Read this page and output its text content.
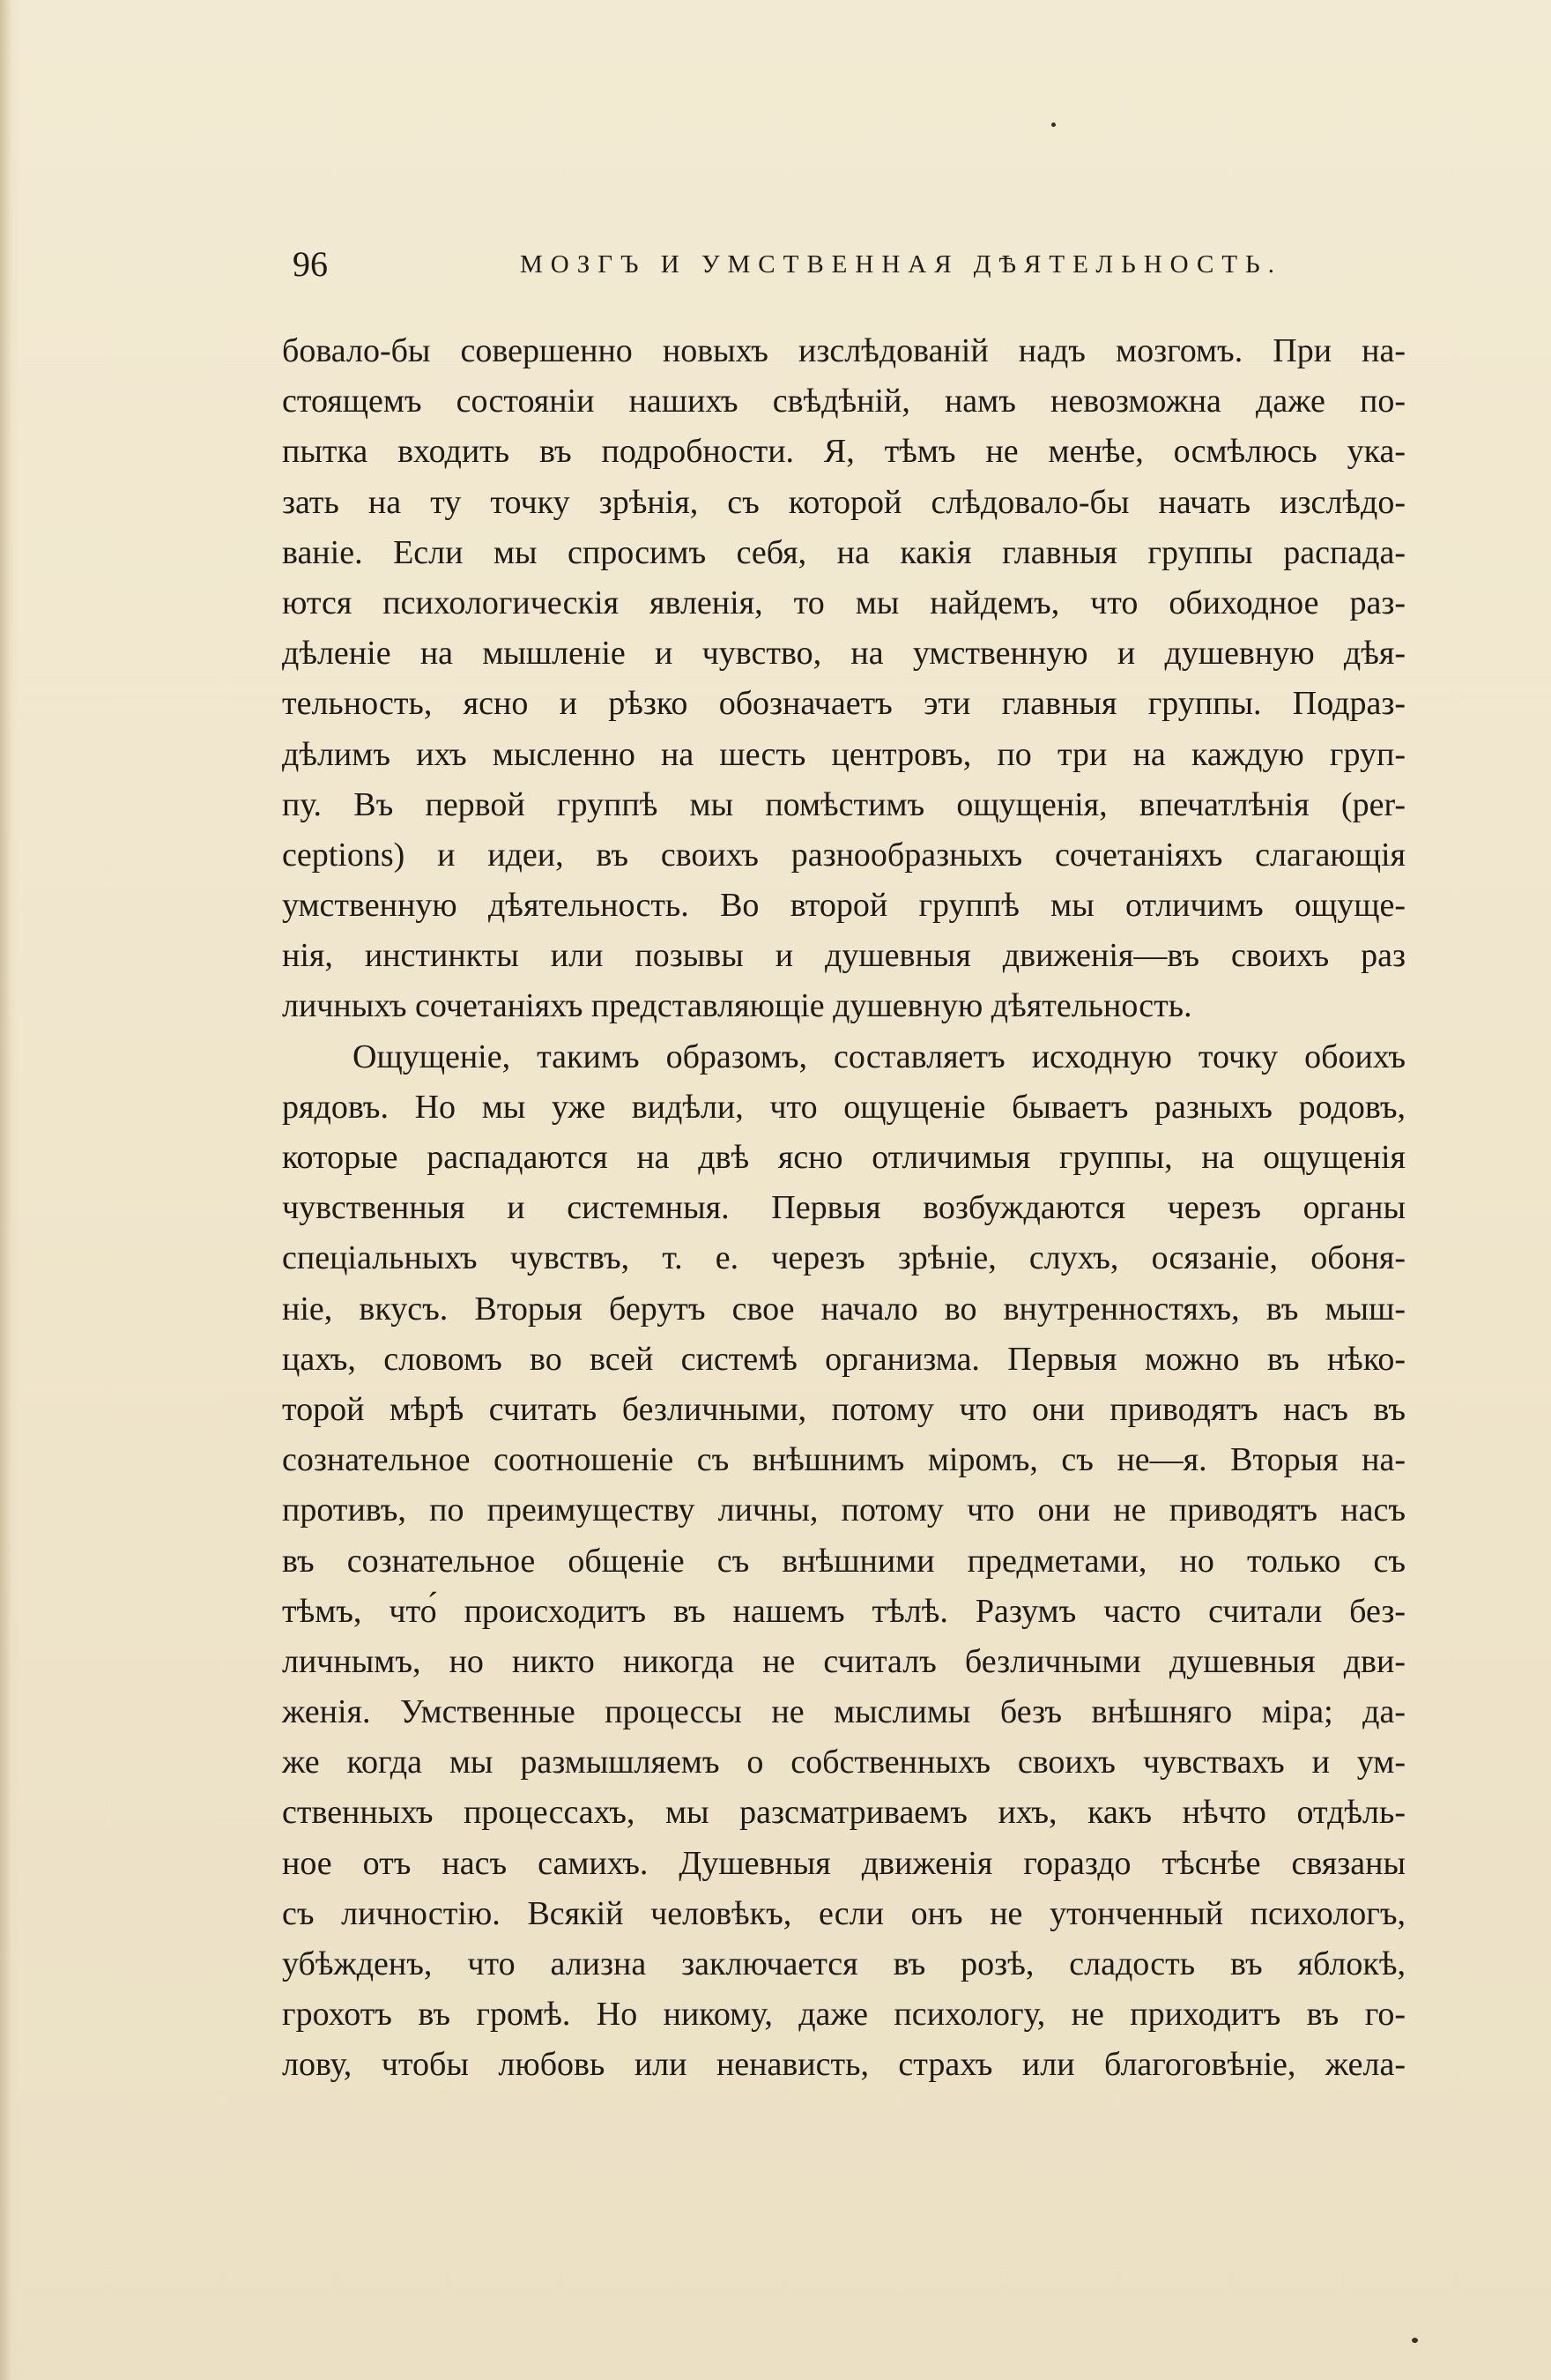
96	МОЗГЪ И УМСТВЕННАЯ ДѢЯТЕЛЬНОСТЬ.
бовало-бы совершенно новыхъ изслѣдованій надъ мозгомъ. При на-
стоящемъ состояніи нашихъ свѣдѣній, намъ невозможна даже по-
пытка входить въ подробности. Я, тѣмъ не менѣе, осмѣлюсь ука-
зать на ту точку зрѣнія, съ которой слѣдовало-бы начать изслѣдо-
ваніе. Если мы спросимъ себя, на какія главныя группы распада-
ются психологическія явленія, то мы найдемъ, что обиходное раз-
дѣленіе на мышленіе и чувство, на умственную и душевную дѣя-
тельность, ясно и рѣзко обозначаетъ эти главныя группы. Подраз-
дѣлимъ ихъ мысленно на шесть центровъ, по три на каждую груп-
пу. Въ первой группѣ мы помѣстимъ ощущенія, впечатлѣнія (per-
ceptions) и идеи, въ своихъ разнообразныхъ сочетаніяхъ слагающія
умственную дѣятельность. Во второй группѣ мы отличимъ ощуще-
нія, инстинкты или позывы и душевныя движенія—въ своихъ раз
личныхъ сочетаніяхъ представляющіе душевную дѣятельность.
Ощущеніе, такимъ образомъ, составляетъ исходную точку обоихъ
рядовъ. Но мы уже видѣли, что ощущеніе бываетъ разныхъ родовъ,
которые распадаются на двѣ ясно отличимыя группы, на ощущенія
чувственныя и системныя. Первыя возбуждаются черезъ органы
спеціальныхъ чувствъ, т. е. черезъ зрѣніе, слухъ, осязаніе, обоня-
ніе, вкусъ. Вторыя берутъ свое начало во внутренностяхъ, въ мыш-
цахъ, словомъ во всей системѣ организма. Первыя можно въ нѣко-
торой мѣрѣ считать безличными, потому что они приводятъ насъ въ
сознательное соотношеніе съ внѣшнимъ міромъ, съ не—я. Вторыя на-
противъ, по преимуществу личны, потому что они не приводятъ насъ
въ сознательное общеніе съ внѣшними предметами, но только съ
тѣмъ, что́ происходитъ въ нашемъ тѣлѣ. Разумъ часто считали без-
личнымъ, но никто никогда не считалъ безличными душевныя дви-
женія. Умственные процессы не мыслимы безъ внѣшняго міра; да-
же когда мы размышляемъ о собственныхъ своихъ чувствахъ и ум-
ственныхъ процессахъ, мы разсматриваемъ ихъ, какъ нѣчто отдѣль-
ное отъ насъ самихъ. Душевныя движенія гораздо тѣснѣе связаны
съ личностію. Всякій человѣкъ, если онъ не утонченный психологъ,
убѣжденъ, что ализна заключается въ розѣ, сладость въ яблокѣ,
грохотъ въ громѣ. Но никому, даже психологу, не приходитъ въ го-
лову, чтобы любовь или ненависть, страхъ или благоговѣніе, жела-
